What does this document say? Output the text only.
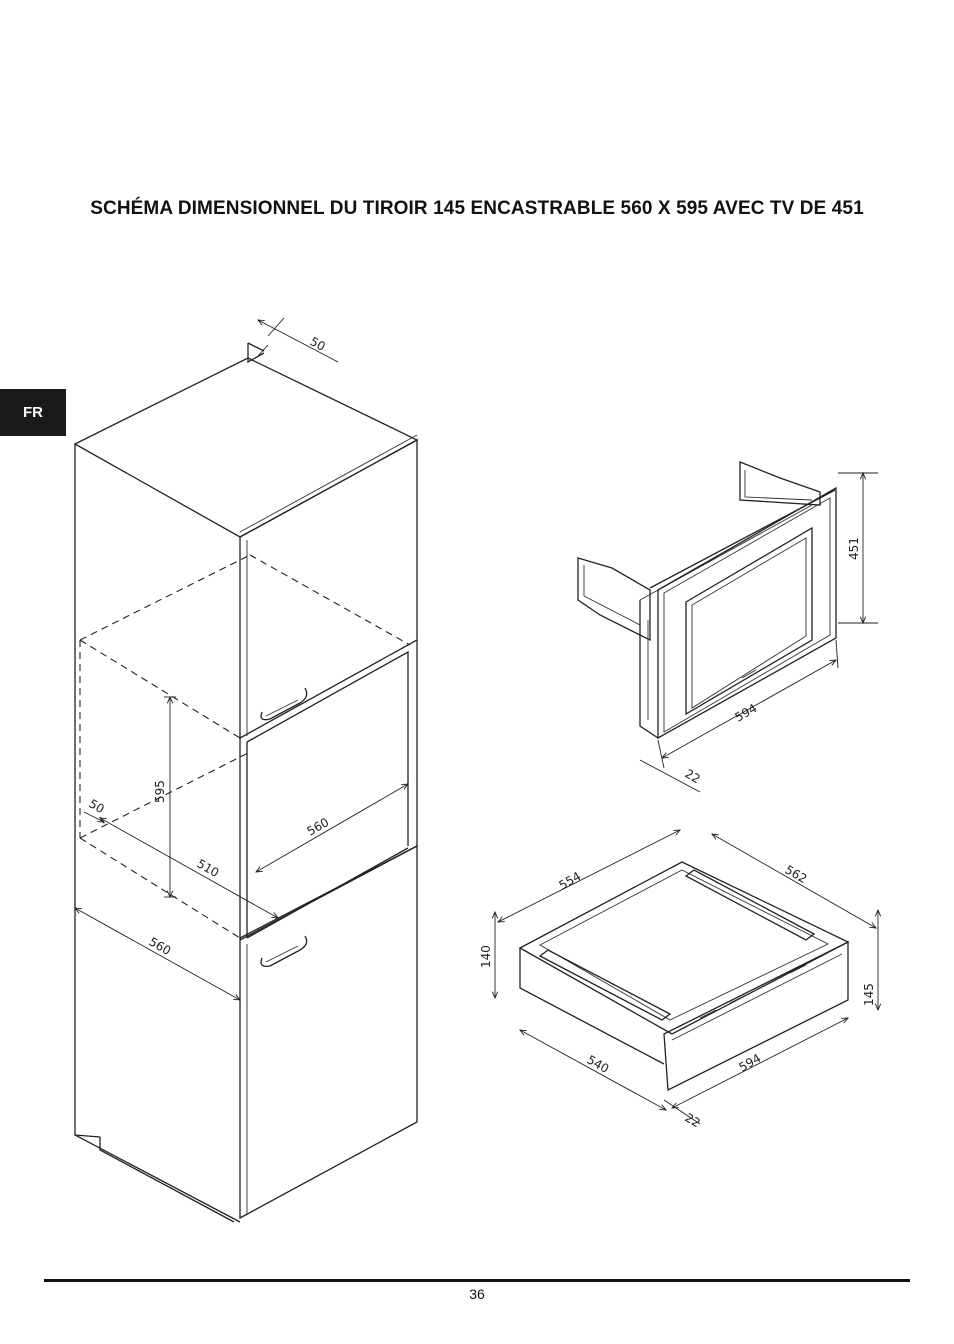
SCHÉMA DIMENSIONNEL DU TIROIR 145 ENCASTRABLE 560 X 595 AVEC TV DE 451
FR
50
595
560
510
50
560
451
594
22
554	562
140
145
540	594
22
36
